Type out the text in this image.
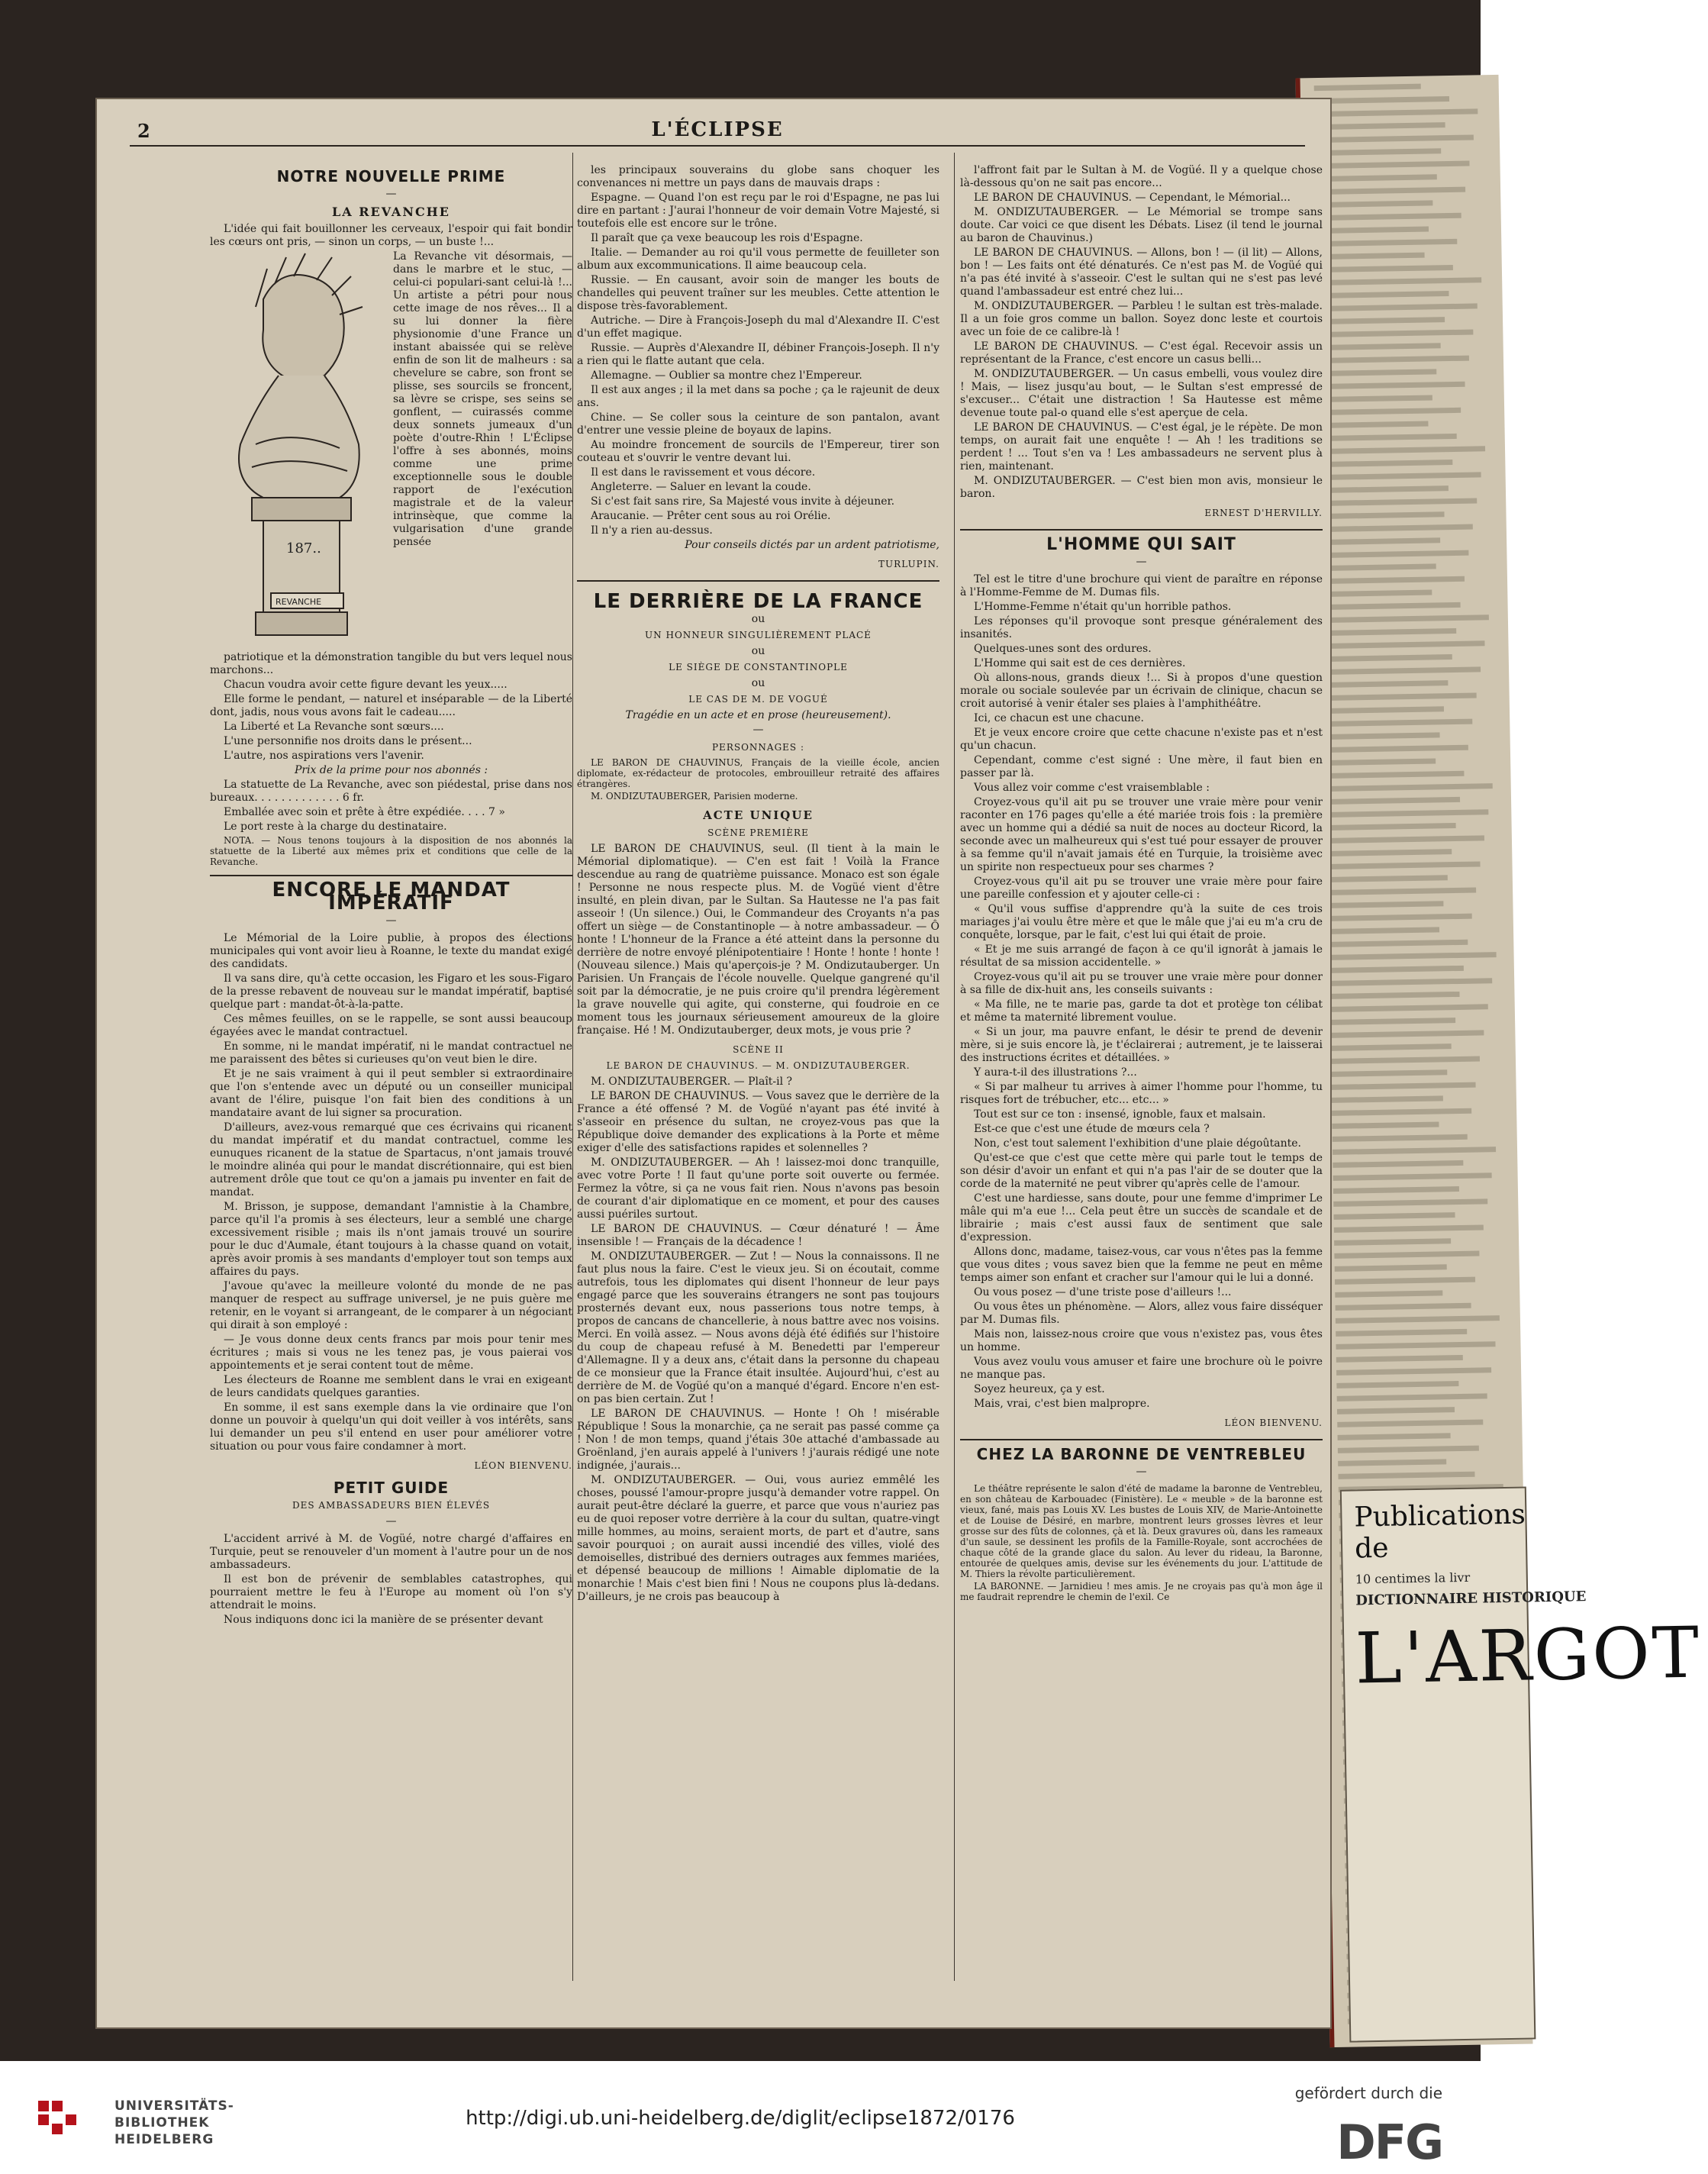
Publications de
10 centimes la livr
DICTIONNAIRE HISTORIQUE
L'ARGOT
2	L'ÉCLIPSE
NOTRE NOUVELLE PRIME
—
LA REVANCHE

L'idée qui fait bouillonner les cerveaux, l'espoir qui fait bondir les cœurs ont pris, — sinon un corps, — un buste !...

187..
REVANCHE

La Revanche vit désormais, — dans le marbre et le stuc, — celui-ci populari-sant celui-là !... Un artiste a pétri pour nous cette image de nos rêves... Il a su lui donner la fière physionomie d'une France un instant abaissée qui se relève enfin de son lit de malheurs : sa chevelure se cabre, son front se plisse, ses sourcils se froncent, sa lèvre se crispe, ses seins se gonflent, — cuirassés comme deux sonnets jumeaux d'un poète d'outre-Rhin ! L'Éclipse l'offre à ses abonnés, moins comme une prime exceptionnelle sous le double rapport de l'exécution magistrale et de la valeur intrinsèque, que comme la vulgarisation d'une grande pensée

patriotique et la démonstration tangible du but vers lequel nous marchons...

Chacun voudra avoir cette figure devant les yeux.....

Elle forme le pendant, — naturel et inséparable — de la Liberté dont, jadis, nous vous avons fait le cadeau.....

La Liberté et La Revanche sont sœurs....

L'une personnifie nos droits dans le présent...

L'autre, nos aspirations vers l'avenir.

Prix de la prime pour nos abonnés :

La statuette de La Revanche, avec son piédestal, prise dans nos bureaux. . . . . . . . . . . . . 6 fr.

Emballée avec soin et prête à être expédiée. . . . 7 »

Le port reste à la charge du destinataire.

NOTA. — Nous tenons toujours à la disposition de nos abonnés la statuette de la Liberté aux mêmes prix et conditions que celle de la Revanche.

ENCORE LE MANDAT IMPÉRATIF
—

Le Mémorial de la Loire publie, à propos des élections municipales qui vont avoir lieu à Roanne, le texte du mandat exigé des candidats.

Il va sans dire, qu'à cette occasion, les Figaro et les sous-Figaro de la presse rebavent de nouveau sur le mandat impératif, baptisé quelque part : mandat-ôt-à-la-patte.

Ces mêmes feuilles, on se le rappelle, se sont aussi beaucoup égayées avec le mandat contractuel.

En somme, ni le mandat impératif, ni le mandat contractuel ne me paraissent des bêtes si curieuses qu'on veut bien le dire.

Et je ne sais vraiment à qui il peut sembler si extraordinaire que l'on s'entende avec un député ou un conseiller municipal avant de l'élire, puisque l'on fait bien des conditions à un mandataire avant de lui signer sa procuration.

D'ailleurs, avez-vous remarqué que ces écrivains qui ricanent du mandat impératif et du mandat contractuel, comme les eunuques ricanent de la statue de Spartacus, n'ont jamais trouvé le moindre alinéa qui pour le mandat discrétionnaire, qui est bien autrement drôle que tout ce qu'on a jamais pu inventer en fait de mandat.

M. Brisson, je suppose, demandant l'amnistie à la Chambre, parce qu'il l'a promis à ses électeurs, leur a semblé une charge excessivement risible ; mais ils n'ont jamais trouvé un sourire pour le duc d'Aumale, étant toujours à la chasse quand on votait, après avoir promis à ses mandants d'employer tout son temps aux affaires du pays.

J'avoue qu'avec la meilleure volonté du monde de ne pas manquer de respect au suffrage universel, je ne puis guère me retenir, en le voyant si arrangeant, de le comparer à un négociant qui dirait à son employé :

— Je vous donne deux cents francs par mois pour tenir mes écritures ; mais si vous ne les tenez pas, je vous paierai vos appointements et je serai content tout de même.

Les électeurs de Roanne me semblent dans le vrai en exigeant de leurs candidats quelques garanties.

En somme, il est sans exemple dans la vie ordinaire que l'on donne un pouvoir à quelqu'un qui doit veiller à vos intérêts, sans lui demander un peu s'il entend en user pour améliorer votre situation ou pour vous faire condamner à mort.

LÉON BIENVENU.
PETIT GUIDE
DES AMBASSADEURS BIEN ÉLEVÉS
—

L'accident arrivé à M. de Vogüé, notre chargé d'affaires en Turquie, peut se renouveler d'un moment à l'autre pour un de nos ambassadeurs.

Il est bon de prévenir de semblables catastrophes, qui pourraient mettre le feu à l'Europe au moment où l'on s'y attendrait le moins.

Nous indiquons donc ici la manière de se présenter devant

les principaux souverains du globe sans choquer les convenances ni mettre un pays dans de mauvais draps :

Espagne. — Quand l'on est reçu par le roi d'Espagne, ne pas lui dire en partant : J'aurai l'honneur de voir demain Votre Majesté, si toutefois elle est encore sur le trône.

Il paraît que ça vexe beaucoup les rois d'Espagne.

Italie. — Demander au roi qu'il vous permette de feuilleter son album aux excommunications. Il aime beaucoup cela.

Russie. — En causant, avoir soin de manger les bouts de chandelles qui peuvent traîner sur les meubles. Cette attention le dispose très-favorablement.

Autriche. — Dire à François-Joseph du mal d'Alexandre II. C'est d'un effet magique.

Russie. — Auprès d'Alexandre II, débiner François-Joseph. Il n'y a rien qui le flatte autant que cela.

Allemagne. — Oublier sa montre chez l'Empereur.

Il est aux anges ; il la met dans sa poche ; ça le rajeunit de deux ans.

Chine. — Se coller sous la ceinture de son pantalon, avant d'entrer une vessie pleine de boyaux de lapins.

Au moindre froncement de sourcils de l'Empereur, tirer son couteau et s'ouvrir le ventre devant lui.

Il est dans le ravissement et vous décore.

Angleterre. — Saluer en levant la coude.

Si c'est fait sans rire, Sa Majesté vous invite à déjeuner.

Araucanie. — Prêter cent sous au roi Orélie.

Il n'y a rien au-dessus.

Pour conseils dictés par un ardent patriotisme,

TURLUPIN.
LE DERRIÈRE DE LA FRANCE

ou

UN HONNEUR SINGULIÈREMENT PLACÉ

ou

LE SIÈGE DE CONSTANTINOPLE

ou

LE CAS DE M. DE VOGUÉ

Tragédie en un acte et en prose (heureusement).

—
PERSONNAGES :

LE BARON DE CHAUVINUS, Français de la vieille école, ancien diplomate, ex-rédacteur de protocoles, embrouilleur retraité des affaires étrangères.

M. ONDIZUTAUBERGER, Parisien moderne.

ACTE UNIQUE
SCÈNE PREMIÈRE

LE BARON DE CHAUVINUS, seul. (Il tient à la main le Mémorial diplomatique). — C'en est fait ! Voilà la France descendue au rang de quatrième puissance. Monaco est son égale ! Personne ne nous respecte plus. M. de Vogüé vient d'être insulté, en plein divan, par le Sultan. Sa Hautesse ne l'a pas fait asseoir ! (Un silence.) Oui, le Commandeur des Croyants n'a pas offert un siège — de Constantinople — à notre ambassadeur. — Ô honte ! L'honneur de la France a été atteint dans la personne du derrière de notre envoyé plénipotentiaire ! Honte ! honte ! honte ! (Nouveau silence.) Mais qu'aperçois-je ? M. Ondizutauberger. Un Parisien. Un Français de l'école nouvelle. Quelque gangrené qu'il soit par la démocratie, je ne puis croire qu'il prendra légèrement la grave nouvelle qui agite, qui consterne, qui foudroie en ce moment tous les journaux sérieusement amoureux de la gloire française. Hé ! M. Ondizutauberger, deux mots, je vous prie ?

SCÈNE II
LE BARON DE CHAUVINUS. — M. ONDIZUTAUBERGER.

M. ONDIZUTAUBERGER. — Plaît-il ?

LE BARON DE CHAUVINUS. — Vous savez que le derrière de la France a été offensé ? M. de Vogüé n'ayant pas été invité à s'asseoir en présence du sultan, ne croyez-vous pas que la République doive demander des explications à la Porte et même exiger d'elle des satisfactions rapides et solennelles ?

M. ONDIZUTAUBERGER. — Ah ! laissez-moi donc tranquille, avec votre Porte ! Il faut qu'une porte soit ouverte ou fermée. Fermez la vôtre, si ça ne vous fait rien. Nous n'avons pas besoin de courant d'air diplomatique en ce moment, et pour des causes aussi puériles surtout.

LE BARON DE CHAUVINUS. — Cœur dénaturé ! — Âme insensible ! — Français de la décadence !

M. ONDIZUTAUBERGER. — Zut ! — Nous la connaissons. Il ne faut plus nous la faire. C'est le vieux jeu. Si on écoutait, comme autrefois, tous les diplomates qui disent l'honneur de leur pays engagé parce que les souverains étrangers ne sont pas toujours prosternés devant eux, nous passerions tous notre temps, à propos de cancans de chancellerie, à nous battre avec nos voisins. Merci. En voilà assez. — Nous avons déjà été édifiés sur l'histoire du coup de chapeau refusé à M. Benedetti par l'empereur d'Allemagne. Il y a deux ans, c'était dans la personne du chapeau de ce monsieur que la France était insultée. Aujourd'hui, c'est au derrière de M. de Vogüé qu'on a manqué d'égard. Encore n'en est-on pas bien certain. Zut !

LE BARON DE CHAUVINUS. — Honte ! Oh ! misérable République ! Sous la monarchie, ça ne serait pas passé comme ça ! Non ! de mon temps, quand j'étais 30e attaché d'ambassade au Groënland, j'en aurais appelé à l'univers ! j'aurais rédigé une note indignée, j'aurais...

M. ONDIZUTAUBERGER. — Oui, vous auriez emmêlé les choses, poussé l'amour-propre jusqu'à demander votre rappel. On aurait peut-être déclaré la guerre, et parce que vous n'auriez pas eu de quoi reposer votre derrière à la cour du sultan, quatre-vingt mille hommes, au moins, seraient morts, de part et d'autre, sans savoir pourquoi ; on aurait aussi incendié des villes, violé des demoiselles, distribué des derniers outrages aux femmes mariées, et dépensé beaucoup de millions ! Aimable diplomatie de la monarchie ! Mais c'est bien fini ! Nous ne coupons plus là-dedans. D'ailleurs, je ne crois pas beaucoup à

l'affront fait par le Sultan à M. de Vogüé. Il y a quelque chose là-dessous qu'on ne sait pas encore...

LE BARON DE CHAUVINUS. — Cependant, le Mémorial...

M. ONDIZUTAUBERGER. — Le Mémorial se trompe sans doute. Car voici ce que disent les Débats. Lisez (il tend le journal au baron de Chauvinus.)

LE BARON DE CHAUVINUS. — Allons, bon ! — (il lit) — Allons, bon ! — Les faits ont été dénaturés. Ce n'est pas M. de Vogüé qui n'a pas été invité à s'asseoir. C'est le sultan qui ne s'est pas levé quand l'ambassadeur est entré chez lui...

M. ONDIZUTAUBERGER. — Parbleu ! le sultan est très-malade. Il a un foie gros comme un ballon. Soyez donc leste et courtois avec un foie de ce calibre-là !

LE BARON DE CHAUVINUS. — C'est égal. Recevoir assis un représentant de la France, c'est encore un casus belli...

M. ONDIZUTAUBERGER. — Un casus embelli, vous voulez dire ! Mais, — lisez jusqu'au bout, — le Sultan s'est empressé de s'excuser... C'était une distraction ! Sa Hautesse est même devenue toute pal-o quand elle s'est aperçue de cela.

LE BARON DE CHAUVINUS. — C'est égal, je le répète. De mon temps, on aurait fait une enquête ! — Ah ! les traditions se perdent ! ... Tout s'en va ! Les ambassadeurs ne servent plus à rien, maintenant.

M. ONDIZUTAUBERGER. — C'est bien mon avis, monsieur le baron.

ERNEST D'HERVILLY.
L'HOMME QUI SAIT
—

Tel est le titre d'une brochure qui vient de paraître en réponse à l'Homme-Femme de M. Dumas fils.

L'Homme-Femme n'était qu'un horrible pathos.

Les réponses qu'il provoque sont presque généralement des insanités.

Quelques-unes sont des ordures.

L'Homme qui sait est de ces dernières.

Où allons-nous, grands dieux !... Si à propos d'une question morale ou sociale soulevée par un écrivain de clinique, chacun se croit autorisé à venir étaler ses plaies à l'amphithéâtre.

Ici, ce chacun est une chacune.

Et je veux encore croire que cette chacune n'existe pas et n'est qu'un chacun.

Cependant, comme c'est signé : Une mère, il faut bien en passer par là.

Vous allez voir comme c'est vraisemblable :

Croyez-vous qu'il ait pu se trouver une vraie mère pour venir raconter en 176 pages qu'elle a été mariée trois fois : la première avec un homme qui a dédié sa nuit de noces au docteur Ricord, la seconde avec un malheureux qui s'est tué pour essayer de prouver à sa femme qu'il n'avait jamais été en Turquie, la troisième avec un spirite non respectueux pour ses charmes ?

Croyez-vous qu'il ait pu se trouver une vraie mère pour faire une pareille confession et y ajouter celle-ci :

« Qu'il vous suffise d'apprendre qu'à la suite de ces trois mariages j'ai voulu être mère et que le mâle que j'ai eu m'a cru de conquête, lorsque, par le fait, c'est lui qui était de proie.

« Et je me suis arrangé de façon à ce qu'il ignorât à jamais le résultat de sa mission accidentelle. »

Croyez-vous qu'il ait pu se trouver une vraie mère pour donner à sa fille de dix-huit ans, les conseils suivants :

« Ma fille, ne te marie pas, garde ta dot et protège ton célibat et même ta maternité librement voulue.

« Si un jour, ma pauvre enfant, le désir te prend de devenir mère, si je suis encore là, je t'éclairerai ; autrement, je te laisserai des instructions écrites et détaillées. »

Y aura-t-il des illustrations ?...

« Si par malheur tu arrives à aimer l'homme pour l'homme, tu risques fort de trébucher, etc... etc... »

Tout est sur ce ton : insensé, ignoble, faux et malsain.

Est-ce que c'est une étude de mœurs cela ?

Non, c'est tout salement l'exhibition d'une plaie dégoûtante.

Qu'est-ce que c'est que cette mère qui parle tout le temps de son désir d'avoir un enfant et qui n'a pas l'air de se douter que la corde de la maternité ne peut vibrer qu'après celle de l'amour.

C'est une hardiesse, sans doute, pour une femme d'imprimer Le mâle qui m'a eue !... Cela peut être un succès de scandale et de librairie ; mais c'est aussi faux de sentiment que sale d'expression.

Allons donc, madame, taisez-vous, car vous n'êtes pas la femme que vous dites ; vous savez bien que la femme ne peut en même temps aimer son enfant et cracher sur l'amour qui le lui a donné.

Ou vous posez — d'une triste pose d'ailleurs !...

Ou vous êtes un phénomène. — Alors, allez vous faire disséquer par M. Dumas fils.

Mais non, laissez-nous croire que vous n'existez pas, vous êtes un homme.

Vous avez voulu vous amuser et faire une brochure où le poivre ne manque pas.

Soyez heureux, ça y est.

Mais, vrai, c'est bien malpropre.

LÉON BIENVENU.
CHEZ LA BARONNE DE VENTREBLEU
—

Le théâtre représente le salon d'été de madame la baronne de Ventrebleu, en son château de Karbouadec (Finistère). Le « meuble » de la baronne est vieux, fané, mais pas Louis XV. Les bustes de Louis XIV, de Marie-Antoinette et de Louise de Désiré, en marbre, montrent leurs grosses lèvres et leur grosse sur des fûts de colonnes, çà et là. Deux gravures où, dans les rameaux d'un saule, se dessinent les profils de la Famille-Royale, sont accrochées de chaque côté de la grande glace du salon. Au lever du rideau, la Baronne, entourée de quelques amis, devise sur les événements du jour. L'attitude de M. Thiers la révolte particulièrement.

LA BARONNE. — Jarnidieu ! mes amis. Je ne croyais pas qu'à mon âge il me faudrait reprendre le chemin de l'exil. Ce

UNIVERSITÄTS-
BIBLIOTHEK
HEIDELBERG
http://digi.ub.uni-heidelberg.de/diglit/eclipse1872/0176
gefördert durch die
DFG
